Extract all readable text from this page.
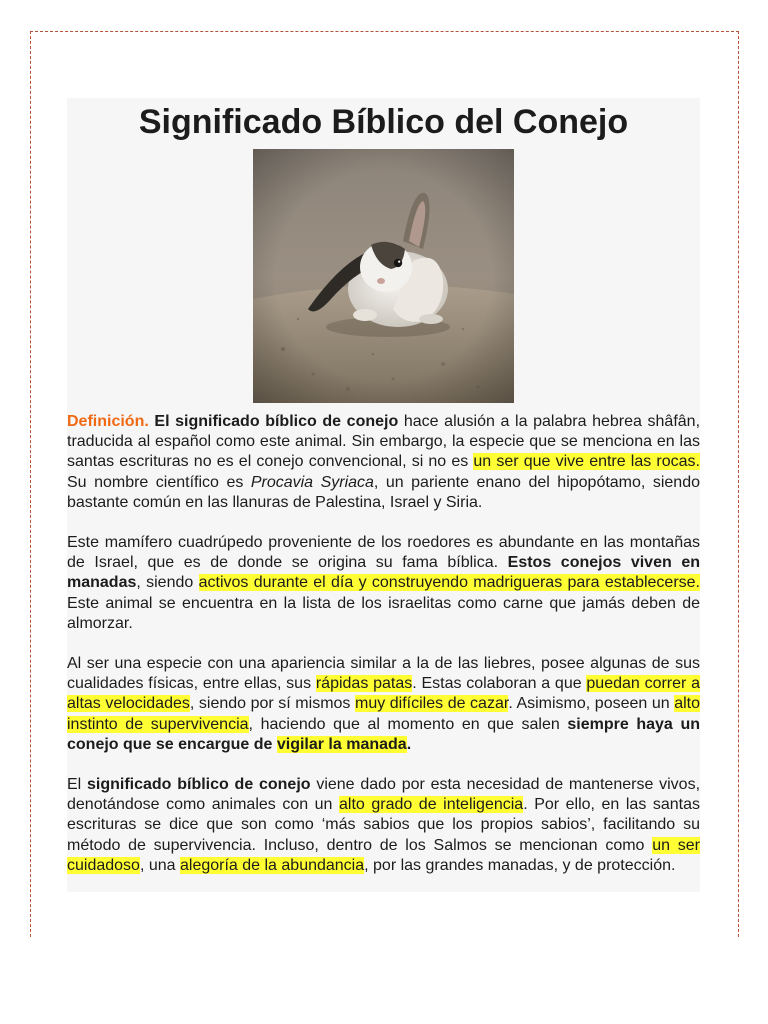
Significado Bíblico del Conejo

Definición. El significado bíblico de conejo hace alusión a la palabra hebrea shâfân, traducida al español como este animal. Sin embargo, la especie que se menciona en las santas escrituras no es el conejo convencional, si no es un ser que vive entre las rocas. Su nombre científico es Procavia Syriaca, un pariente enano del hipopótamo, siendo bastante común en las llanuras de Palestina, Israel y Siria.

Este mamífero cuadrúpedo proveniente de los roedores es abundante en las montañas de Israel, que es de donde se origina su fama bíblica. Estos conejos viven en manadas, siendo activos durante el día y construyendo madrigueras para establecerse. Este animal se encuentra en la lista de los israelitas como carne que jamás deben de almorzar.

Al ser una especie con una apariencia similar a la de las liebres, posee algunas de sus cualidades físicas, entre ellas, sus rápidas patas. Estas colaboran a que puedan correr a altas velocidades, siendo por sí mismos muy difíciles de cazar. Asimismo, poseen un alto instinto de supervivencia, haciendo que al momento en que salen siempre haya un conejo que se encargue de vigilar la manada.

El significado bíblico de conejo viene dado por esta necesidad de mantenerse vivos, denotándose como animales con un alto grado de inteligencia. Por ello, en las santas escrituras se dice que son como ‘más sabios que los propios sabios’, facilitando su método de supervivencia. Incluso, dentro de los Salmos se mencionan como un ser cuidadoso, una alegoría de la abundancia, por las grandes manadas, y de protección.
